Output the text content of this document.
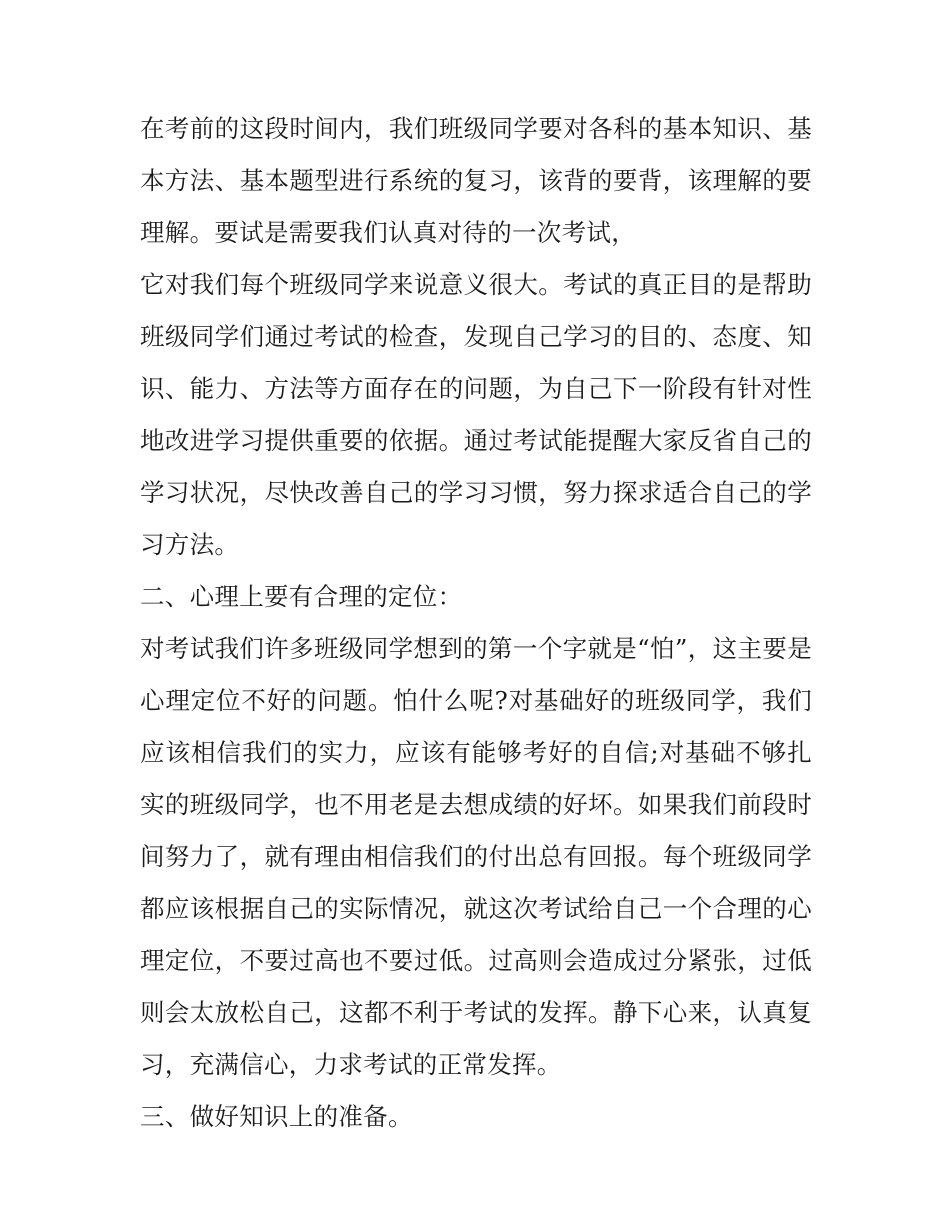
在考前的这段时间内，我们班级同学要对各科的基本知识、基本方法、基本题型进行系统的复习，该背的要背，该理解的要理解。要试是需要我们认真对待的一次考试，

它对我们每个班级同学来说意义很大。考试的真正目的是帮助班级同学们通过考试的检查，发现自己学习的目的、态度、知识、能力、方法等方面存在的问题，为自己下一阶段有针对性地改进学习提供重要的依据。通过考试能提醒大家反省自己的学习状况，尽快改善自己的学习习惯，努力探求适合自己的学习方法。

二、心理上要有合理的定位：

对考试我们许多班级同学想到的第一个字就是“怕”，这主要是心理定位不好的问题。怕什么呢?对基础好的班级同学，我们应该相信我们的实力，应该有能够考好的自信;对基础不够扎实的班级同学，也不用老是去想成绩的好坏。如果我们前段时间努力了，就有理由相信我们的付出总有回报。每个班级同学都应该根据自己的实际情况，就这次考试给自己一个合理的心理定位，不要过高也不要过低。过高则会造成过分紧张，过低则会太放松自己，这都不利于考试的发挥。静下心来，认真复习，充满信心，力求考试的正常发挥。

三、做好知识上的准备。
